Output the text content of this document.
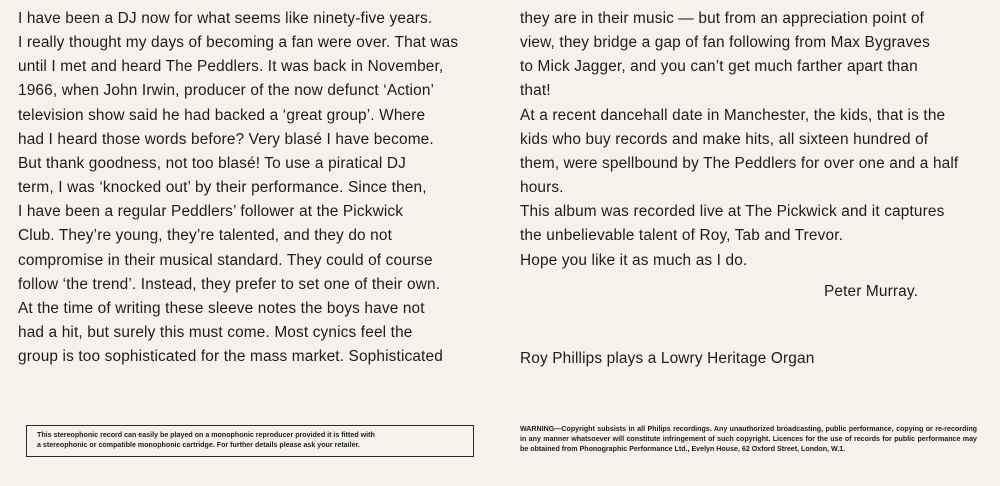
I have been a DJ now for what seems like ninety-five years.
I really thought my days of becoming a fan were over. That was
until I met and heard The Peddlers. It was back in November,
1966, when John Irwin, producer of the now defunct ‘Action’
television show said he had backed a ‘great group’. Where
had I heard those words before? Very blasé I have become.
But thank goodness, not too blasé! To use a piratical DJ
term, I was ‘knocked out’ by their performance. Since then,
I have been a regular Peddlers’ follower at the Pickwick
Club. They’re young, they’re talented, and they do not
compromise in their musical standard. They could of course
follow ‘the trend’. Instead, they prefer to set one of their own.
At the time of writing these sleeve notes the boys have not
had a hit, but surely this must come. Most cynics feel the
group is too sophisticated for the mass market. Sophisticated

they are in their music — but from an appreciation point of
view, they bridge a gap of fan following from Max Bygraves
to Mick Jagger, and you can’t get much farther apart than
that!

At a recent dancehall date in Manchester, the kids, that is the
kids who buy records and make hits, all sixteen hundred of
them, were spellbound by The Peddlers for over one and a half
hours.

This album was recorded live at The Pickwick and it captures
the unbelievable talent of Roy, Tab and Trevor.

Hope you like it as much as I do.

Peter Murray.

Roy Phillips plays a Lowry Heritage Organ

This stereophonic record can easily be played on a monophonic reproducer provided it is fitted with
a stereophonic or compatible monophonic cartridge. For further details please ask your retailer.
WARNING—Copyright subsists in all Philips recordings. Any unauthorized broadcasting, public performance, copying or re-recording in any manner whatsoever will constitute infringement of such copyright. Licences for the use of records for public performance may be obtained from Phonographic Performance Ltd., Evelyn House, 62 Oxford Street, London, W.1.
